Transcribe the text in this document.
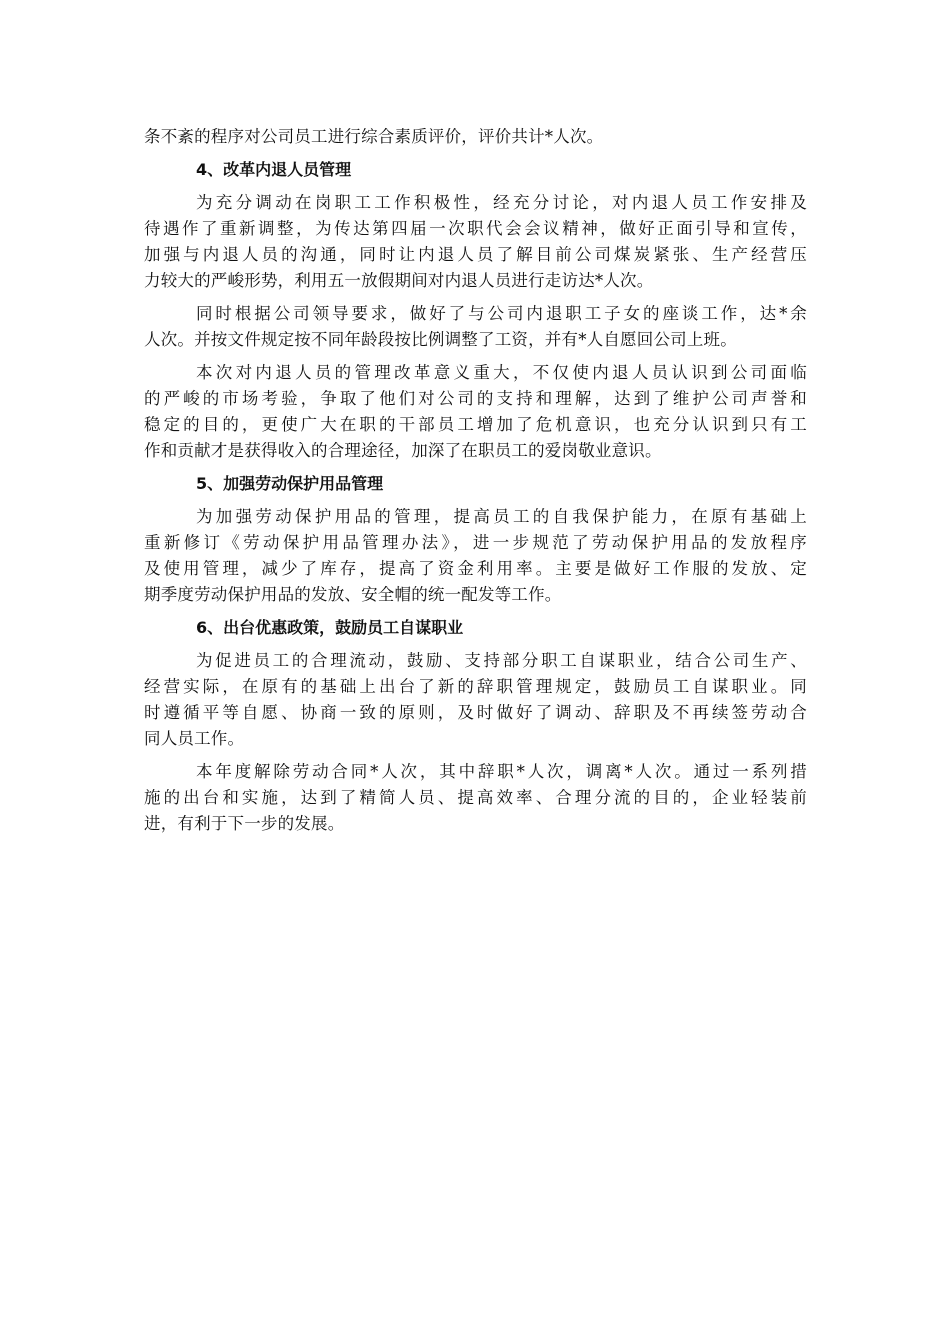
条不紊的程序对公司员工进行综合素质评价，评价共计*人次。
4、改革内退人员管理
为充分调动在岗职工工作积极性，经充分讨论，对内退人员工作安排及
待遇作了重新调整，为传达第四届一次职代会会议精神，做好正面引导和宣传，
加强与内退人员的沟通，同时让内退人员了解目前公司煤炭紧张、生产经营压
力较大的严峻形势，利用五一放假期间对内退人员进行走访达*人次。
同时根据公司领导要求，做好了与公司内退职工子女的座谈工作，达*余
人次。并按文件规定按不同年龄段按比例调整了工资，并有*人自愿回公司上班。
本次对内退人员的管理改革意义重大，不仅使内退人员认识到公司面临
的严峻的市场考验，争取了他们对公司的支持和理解，达到了维护公司声誉和
稳定的目的，更使广大在职的干部员工增加了危机意识，也充分认识到只有工
作和贡献才是获得收入的合理途径，加深了在职员工的爱岗敬业意识。
5、加强劳动保护用品管理
为加强劳动保护用品的管理，提高员工的自我保护能力，在原有基础上
重新修订《劳动保护用品管理办法》，进一步规范了劳动保护用品的发放程序
及使用管理，减少了库存，提高了资金利用率。主要是做好工作服的发放、定
期季度劳动保护用品的发放、安全帽的统一配发等工作。
6、出台优惠政策，鼓励员工自谋职业
为促进员工的合理流动，鼓励、支持部分职工自谋职业，结合公司生产、
经营实际，在原有的基础上出台了新的辞职管理规定，鼓励员工自谋职业。同
时遵循平等自愿、协商一致的原则，及时做好了调动、辞职及不再续签劳动合
同人员工作。
本年度解除劳动合同*人次，其中辞职*人次，调离*人次。通过一系列措
施的出台和实施，达到了精简人员、提高效率、合理分流的目的，企业轻装前
进，有利于下一步的发展。
